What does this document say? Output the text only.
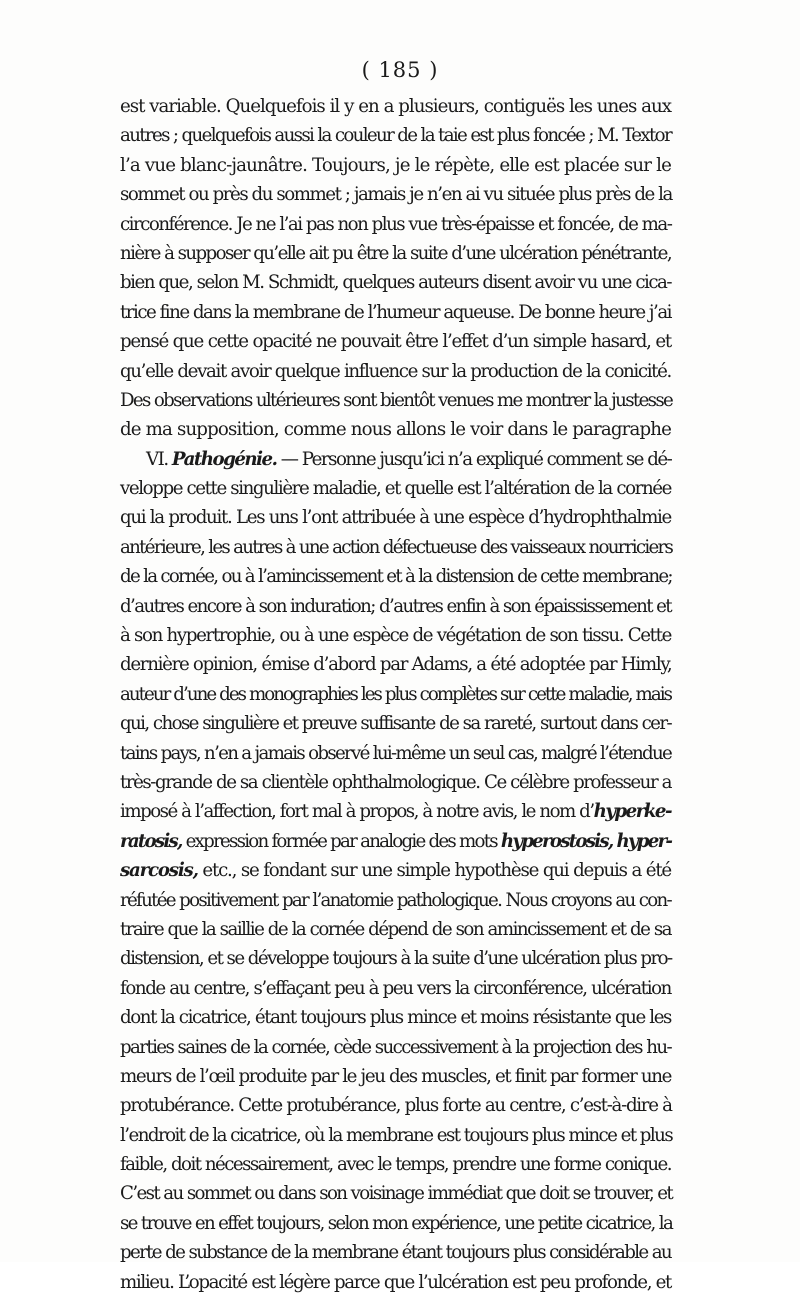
( 185 )
est variable. Quelquefois il y en a plusieurs, contiguës les unes aux
autres ; quelquefois aussi la couleur de la taie est plus foncée ; M. Textor
l’a vue blanc-jaunâtre. Toujours, je le répète, elle est placée sur le
sommet ou près du sommet ; jamais je n’en ai vu située plus près de la
circonférence. Je ne l’ai pas non plus vue très-épaisse et foncée, de ma-
nière à supposer qu’elle ait pu être la suite d’une ulcération pénétrante,
bien que, selon M. Schmidt, quelques auteurs disent avoir vu une cica-
trice fine dans la membrane de l’humeur aqueuse. De bonne heure j’ai
pensé que cette opacité ne pouvait être l’effet d’un simple hasard, et
qu’elle devait avoir quelque influence sur la production de la conicité.
Des observations ultérieures sont bientôt venues me montrer la justesse
de ma supposition, comme nous allons le voir dans le paragraphe
VI. Pathogénie. — Personne jusqu’ici n’a expliqué comment se dé-
veloppe cette singulière maladie, et quelle est l’altération de la cornée
qui la produit. Les uns l’ont attribuée à une espèce d’hydrophthalmie
antérieure, les autres à une action défectueuse des vaisseaux nourriciers
de la cornée, ou à l’amincissement et à la distension de cette membrane;
d’autres encore à son induration; d’autres enfin à son épaississement et
à son hypertrophie, ou à une espèce de végétation de son tissu. Cette
dernière opinion, émise d’abord par Adams, a été adoptée par Himly,
auteur d’une des monographies les plus complètes sur cette maladie, mais
qui, chose singulière et preuve suffisante de sa rareté, surtout dans cer-
tains pays, n’en a jamais observé lui-même un seul cas, malgré l’étendue
très-grande de sa clientèle ophthalmologique. Ce célèbre professeur a
imposé à l’affection, fort mal à propos, à notre avis, le nom d’hyperke-
ratosis, expression formée par analogie des mots hyperostosis, hyper-
sarcosis, etc., se fondant sur une simple hypothèse qui depuis a été
réfutée positivement par l’anatomie pathologique. Nous croyons au con-
traire que la saillie de la cornée dépend de son amincissement et de sa
distension, et se développe toujours à la suite d’une ulcération plus pro-
fonde au centre, s’effaçant peu à peu vers la circonférence, ulcération
dont la cicatrice, étant toujours plus mince et moins résistante que les
parties saines de la cornée, cède successivement à la projection des hu-
meurs de l’œil produite par le jeu des muscles, et finit par former une
protubérance. Cette protubérance, plus forte au centre, c’est-à-dire à
l’endroit de la cicatrice, où la membrane est toujours plus mince et plus
faible, doit nécessairement, avec le temps, prendre une forme conique.
C’est au sommet ou dans son voisinage immédiat que doit se trouver, et
se trouve en effet toujours, selon mon expérience, une petite cicatrice, la
perte de substance de la membrane étant toujours plus considérable au
milieu. L’opacité est légère parce que l’ulcération est peu profonde, et
